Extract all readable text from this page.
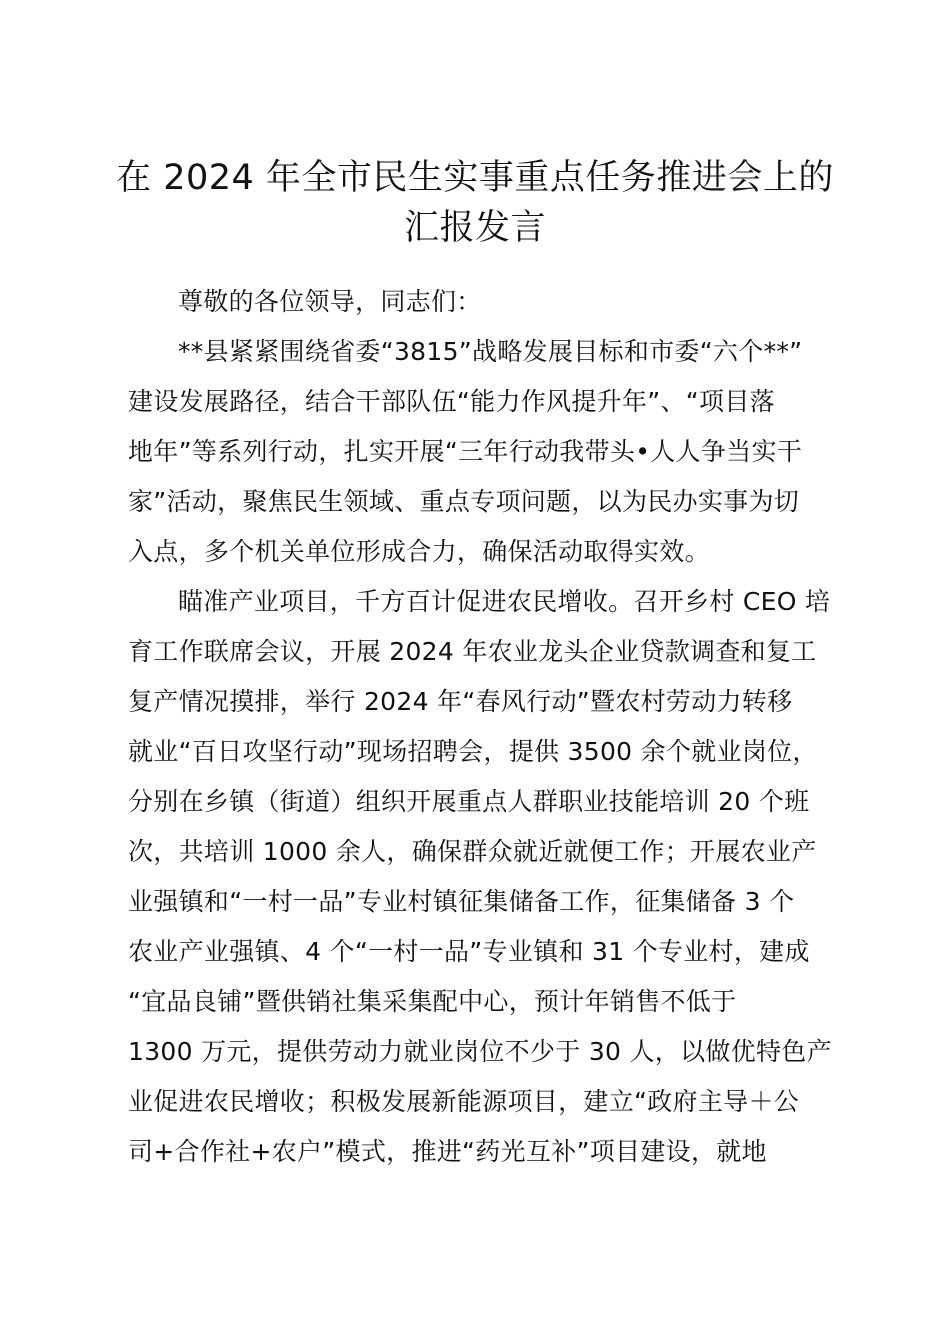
在 2024 年全市民生实事重点任务推进会上的
汇报发言
尊敬的各位领导，同志们：
**县紧紧围绕省委“3815”战略发展目标和市委“六个**”
建设发展路径，结合干部队伍“能力作风提升年”、“项目落
地年”等系列行动，扎实开展“三年行动我带头•人人争当实干
家”活动，聚焦民生领域、重点专项问题，以为民办实事为切
入点，多个机关单位形成合力，确保活动取得实效。
瞄准产业项目，千方百计促进农民增收。召开乡村 CEO 培
育工作联席会议，开展 2024 年农业龙头企业贷款调查和复工
复产情况摸排，举行 2024 年“春风行动”暨农村劳动力转移
就业“百日攻坚行动”现场招聘会，提供 3500 余个就业岗位，
分别在乡镇（街道）组织开展重点人群职业技能培训 20 个班
次，共培训 1000 余人，确保群众就近就便工作；开展农业产
业强镇和“一村一品”专业村镇征集储备工作，征集储备 3 个
农业产业强镇、4 个“一村一品”专业镇和 31 个专业村，建成
“宜品良铺”暨供销社集采集配中心，预计年销售不低于
1300 万元，提供劳动力就业岗位不少于 30 人，以做优特色产
业促进农民增收；积极发展新能源项目，建立“政府主导＋公
司+合作社+农户”模式，推进“药光互补”项目建设，就地
